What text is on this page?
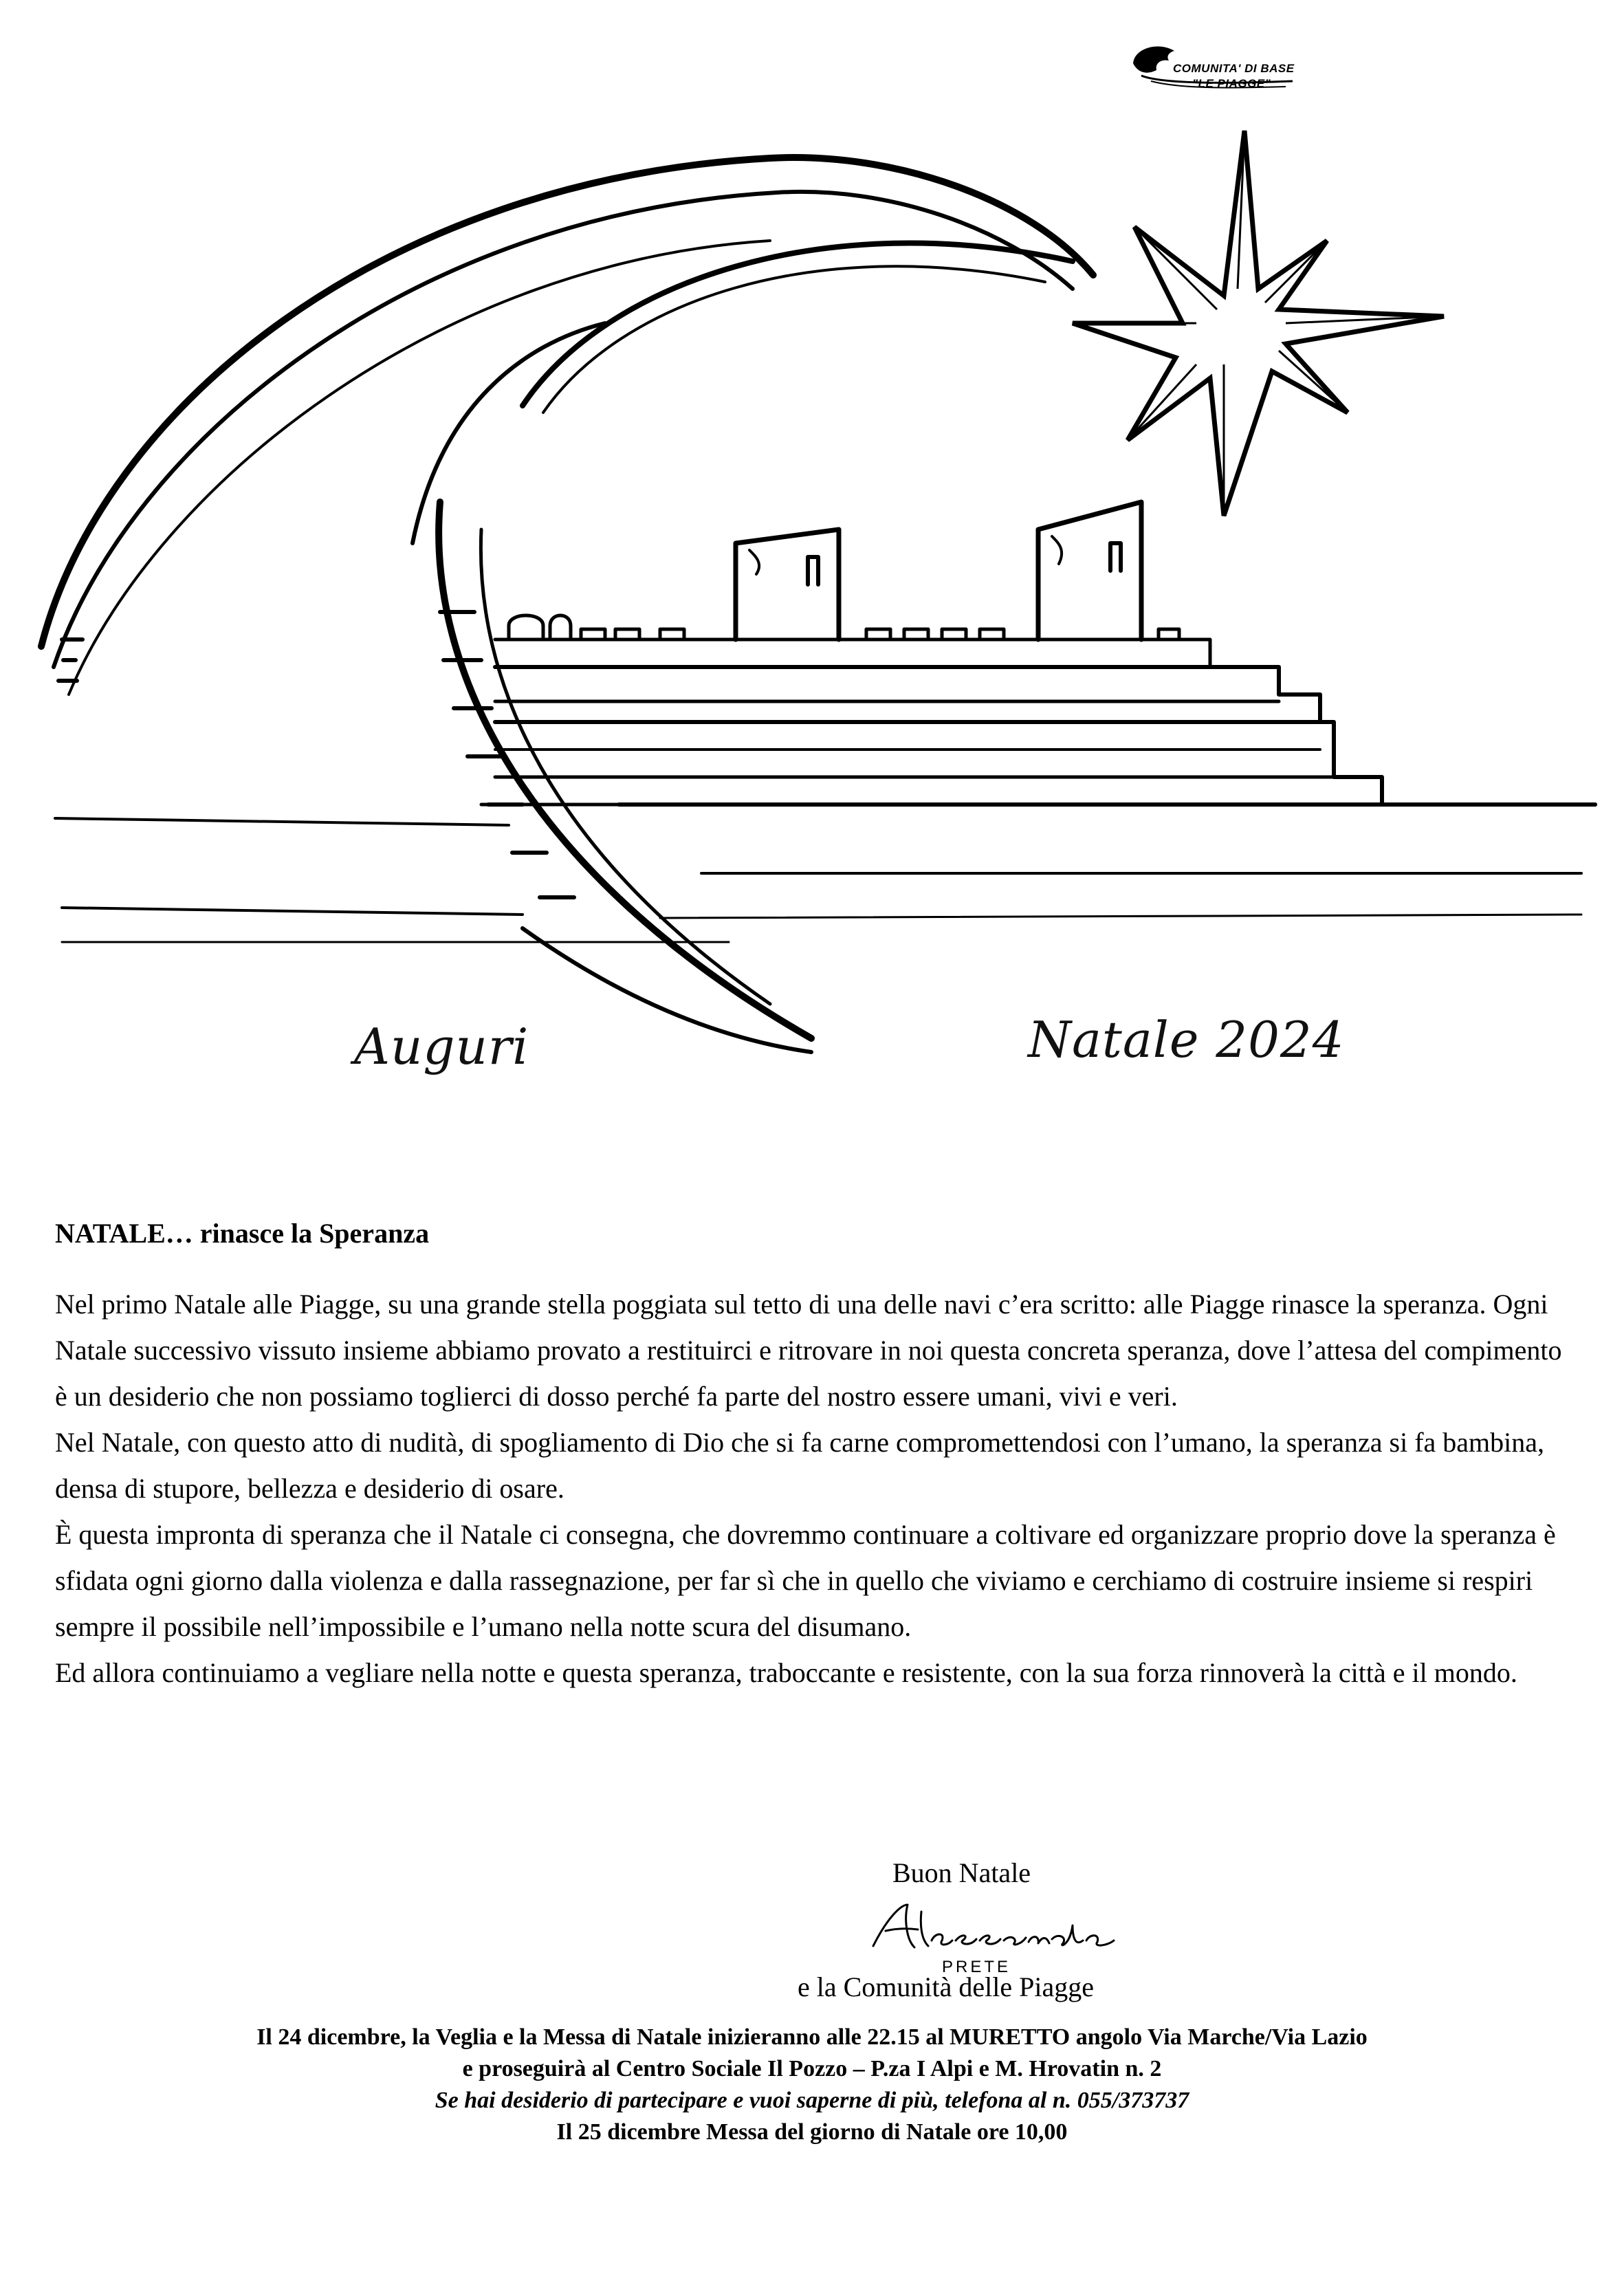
COMUNITA' DI BASE
"LE PIAGGE"
Auguri	Natale 2024
NATALE… rinasce la Speranza

Nel primo Natale alle Piagge, su una grande stella poggiata sul tetto di una delle navi c’era scritto: alle Piagge rinasce la speranza. Ogni Natale successivo vissuto insieme abbiamo provato a restituirci e ritrovare in noi questa concreta speranza, dove l’attesa del compimento è un desiderio che non possiamo toglierci di dosso perché fa parte del nostro essere umani, vivi e veri.

Nel Natale, con questo atto di nudità, di spogliamento di Dio che si fa carne compromettendosi con l’umano, la speranza si fa bambina, densa di stupore, bellezza e desiderio di osare.

È questa impronta di speranza che il Natale ci consegna, che dovremmo continuare a coltivare ed organizzare proprio dove la speranza è sfidata ogni giorno dalla violenza e dalla rassegnazione, per far sì che in quello che viviamo e cerchiamo di costruire insieme si respiri sempre il possibile nell’impossibile e l’umano nella notte scura del disumano.

Ed allora continuiamo a vegliare nella notte e questa speranza, traboccante e resistente, con la sua forza rinnoverà la città e il mondo.

Buon Natale
PRETE
e la Comunità delle Piagge
Il 24 dicembre, la Veglia e la Messa di Natale inizieranno alle 22.15 al MURETTO angolo Via Marche/Via Lazio
e proseguirà al Centro Sociale Il Pozzo – P.za I Alpi e M. Hrovatin n. 2
Se hai desiderio di partecipare e vuoi saperne di più, telefona al n. 055/373737
Il 25 dicembre Messa del giorno di Natale ore 10,00
